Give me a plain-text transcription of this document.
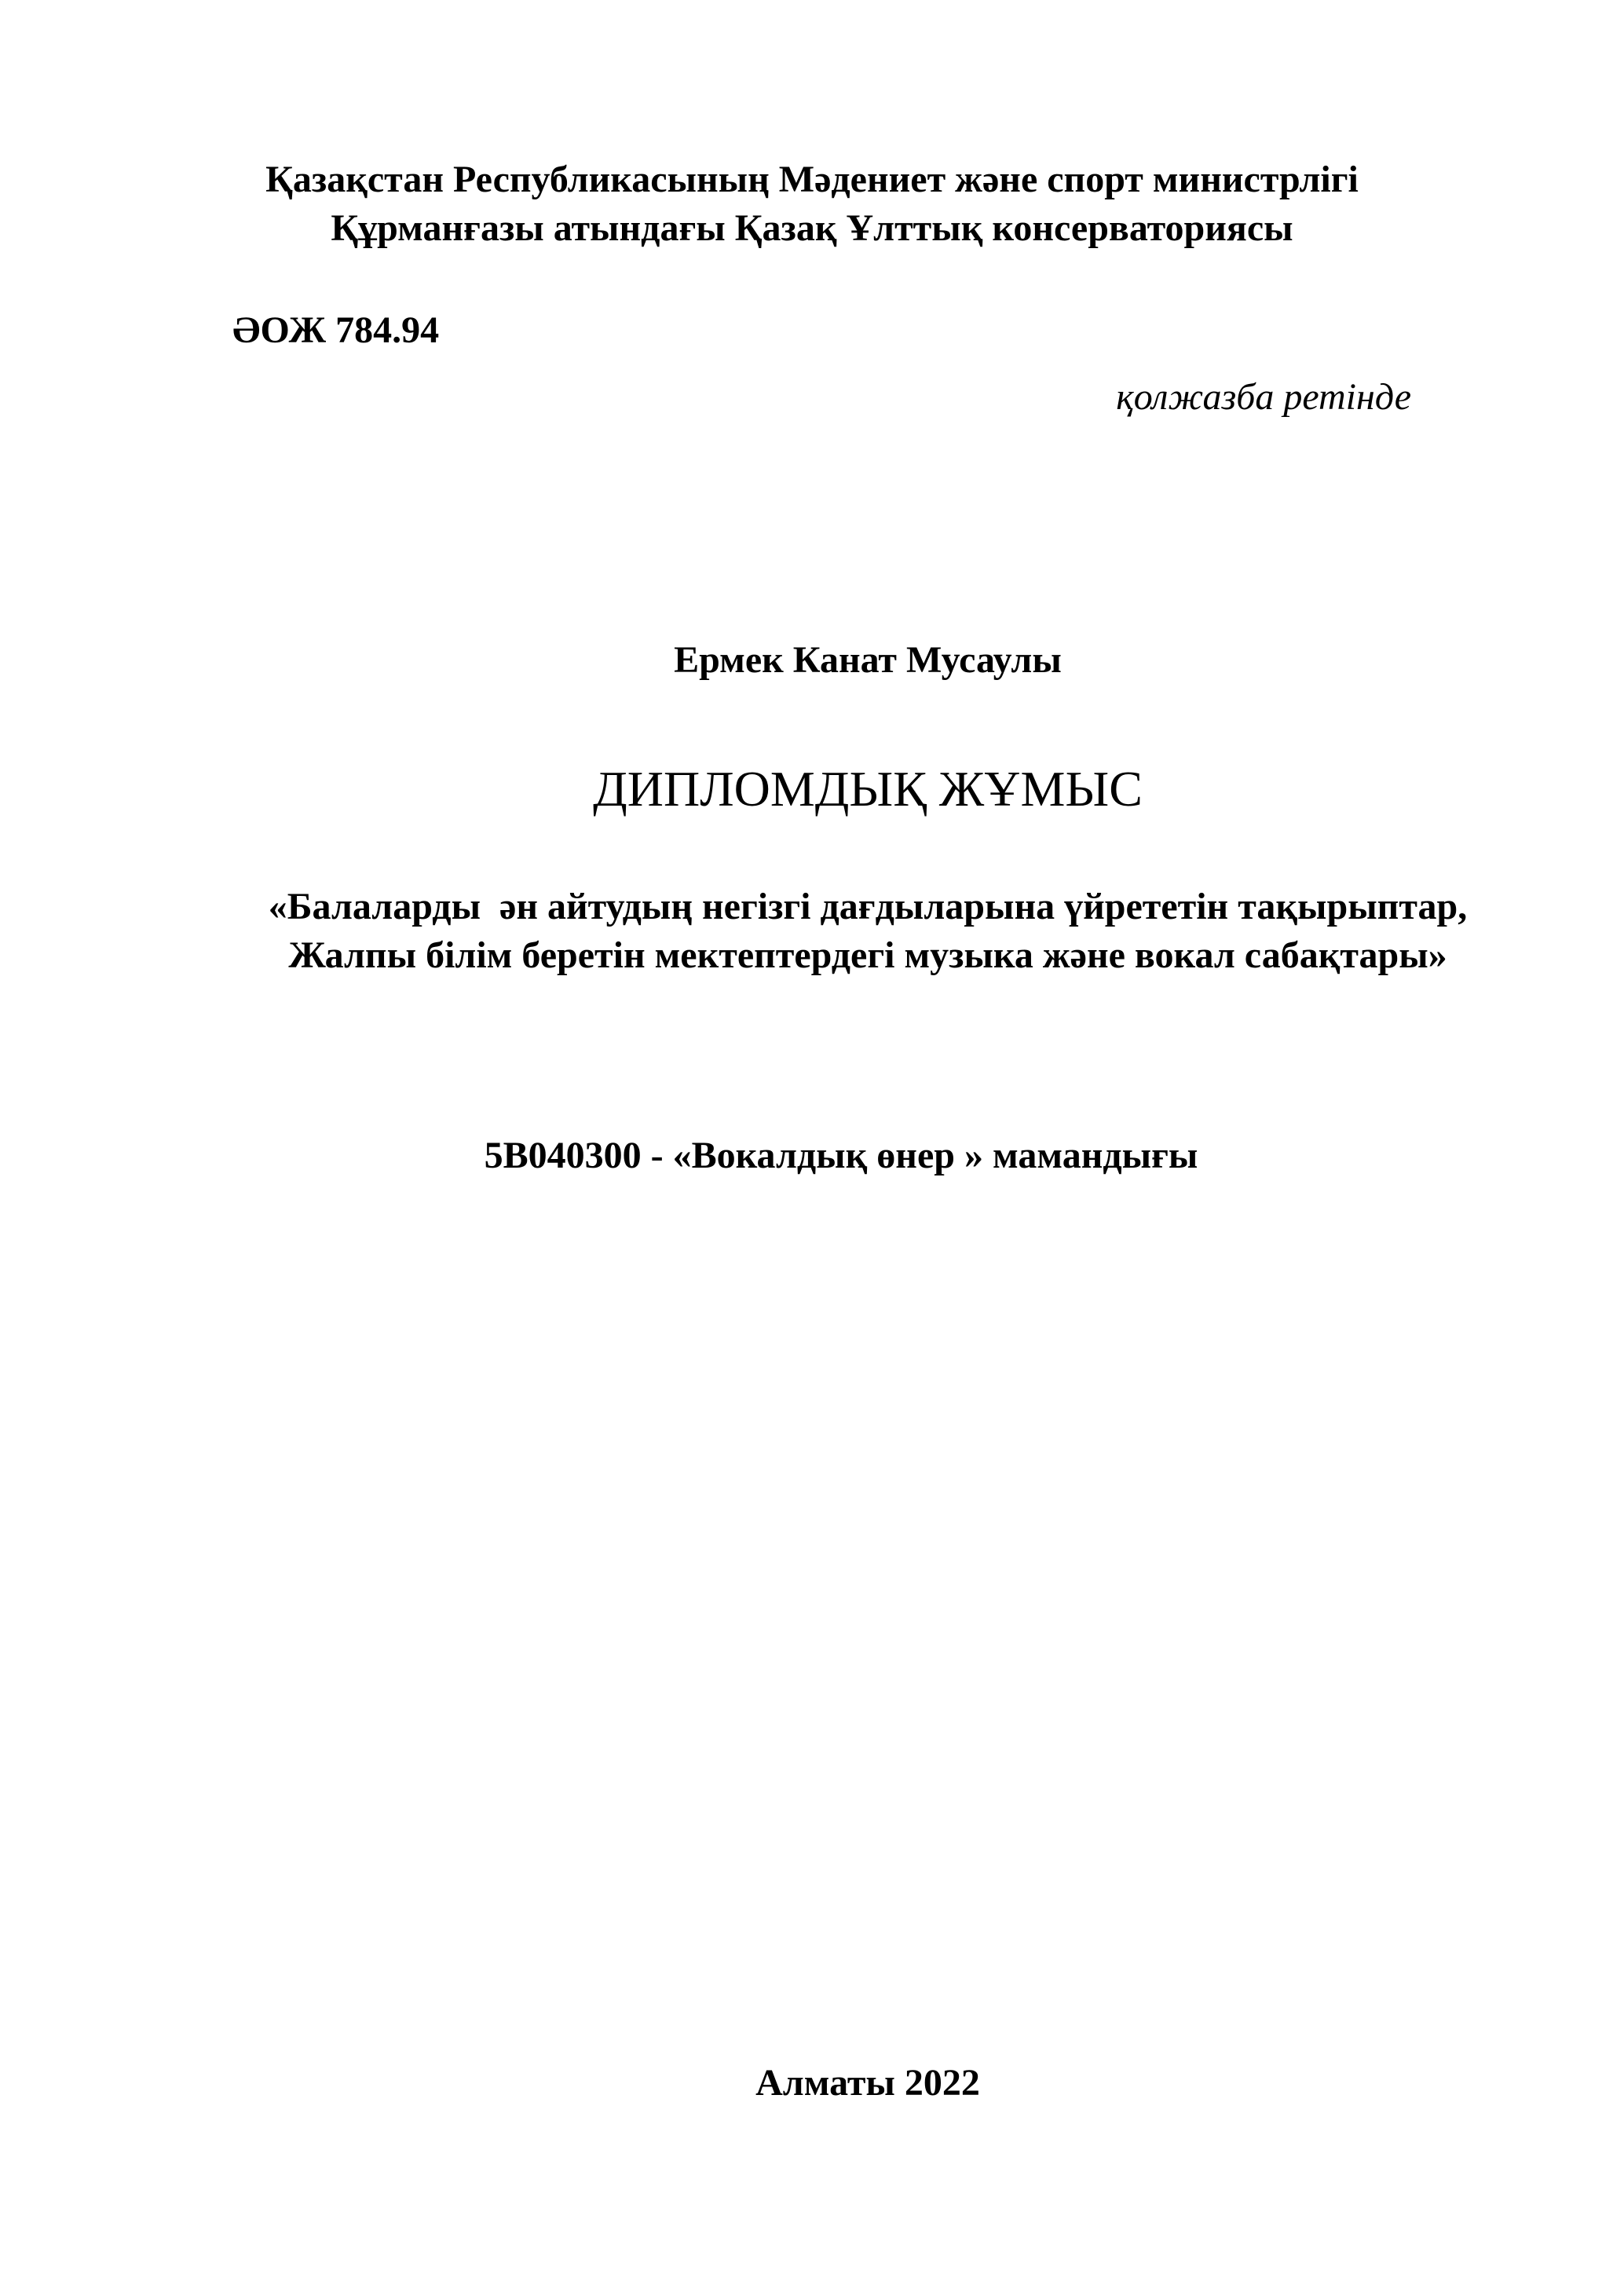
Қазақстан Республикасының Мәдениет және спорт министрлігі
Құрманғазы атындағы Қазақ Ұлттық консерваториясы
ӘОЖ 784.94
қолжазба ретінде
Ермек Канат Мусаулы
ДИПЛОМДЫҚ ЖҰМЫС
«Балаларды  ән айтудың негізгі дағдыларына үйрететін тақырыптар,
Жалпы білім беретін мектептердегі музыка және вокал сабақтары»
5B040300 - «Вокалдық өнер » мамандығы
Алматы 2022
